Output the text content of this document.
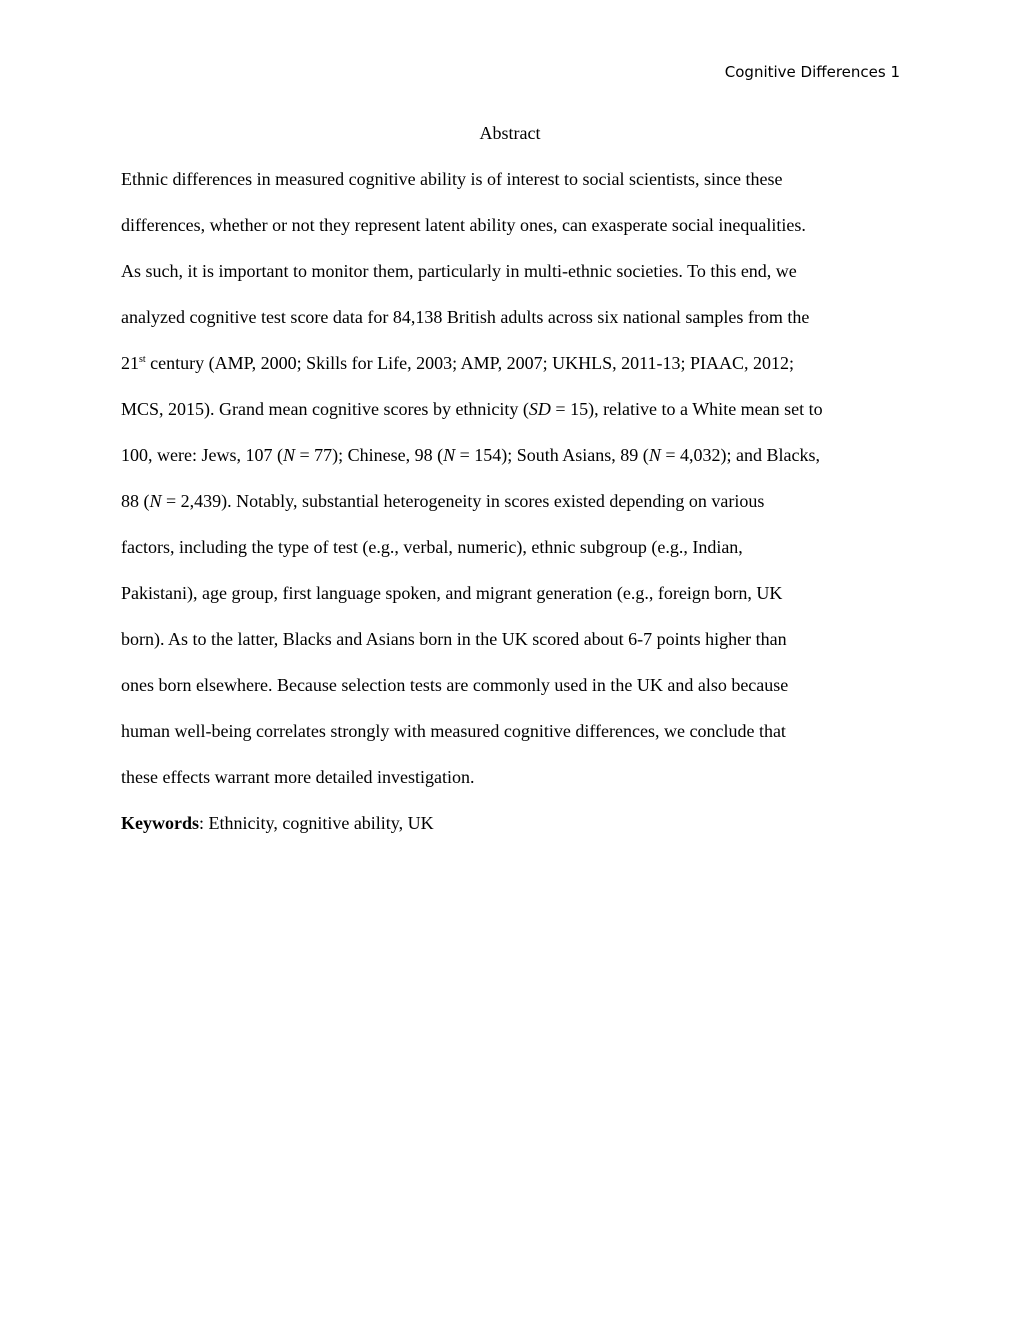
Cognitive Differences 1
Abstract
Ethnic differences in measured cognitive ability is of interest to social scientists, since these
differences, whether or not they represent latent ability ones, can exasperate social inequalities.
As such, it is important to monitor them, particularly in multi-ethnic societies. To this end, we
analyzed cognitive test score data for 84,138 British adults across six national samples from the
21st century (AMP, 2000; Skills for Life, 2003; AMP, 2007; UKHLS, 2011-13; PIAAC, 2012;
MCS, 2015). Grand mean cognitive scores by ethnicity (SD = 15), relative to a White mean set to
100, were: Jews, 107 (N = 77); Chinese, 98 (N = 154); South Asians, 89 (N = 4,032); and Blacks,
88 (N = 2,439). Notably, substantial heterogeneity in scores existed depending on various
factors, including the type of test (e.g., verbal, numeric), ethnic subgroup (e.g., Indian,
Pakistani), age group, first language spoken, and migrant generation (e.g., foreign born, UK
born). As to the latter, Blacks and Asians born in the UK scored about 6-7 points higher than
ones born elsewhere. Because selection tests are commonly used in the UK and also because
human well-being correlates strongly with measured cognitive differences, we conclude that
these effects warrant more detailed investigation.
Keywords: Ethnicity, cognitive ability, UK
